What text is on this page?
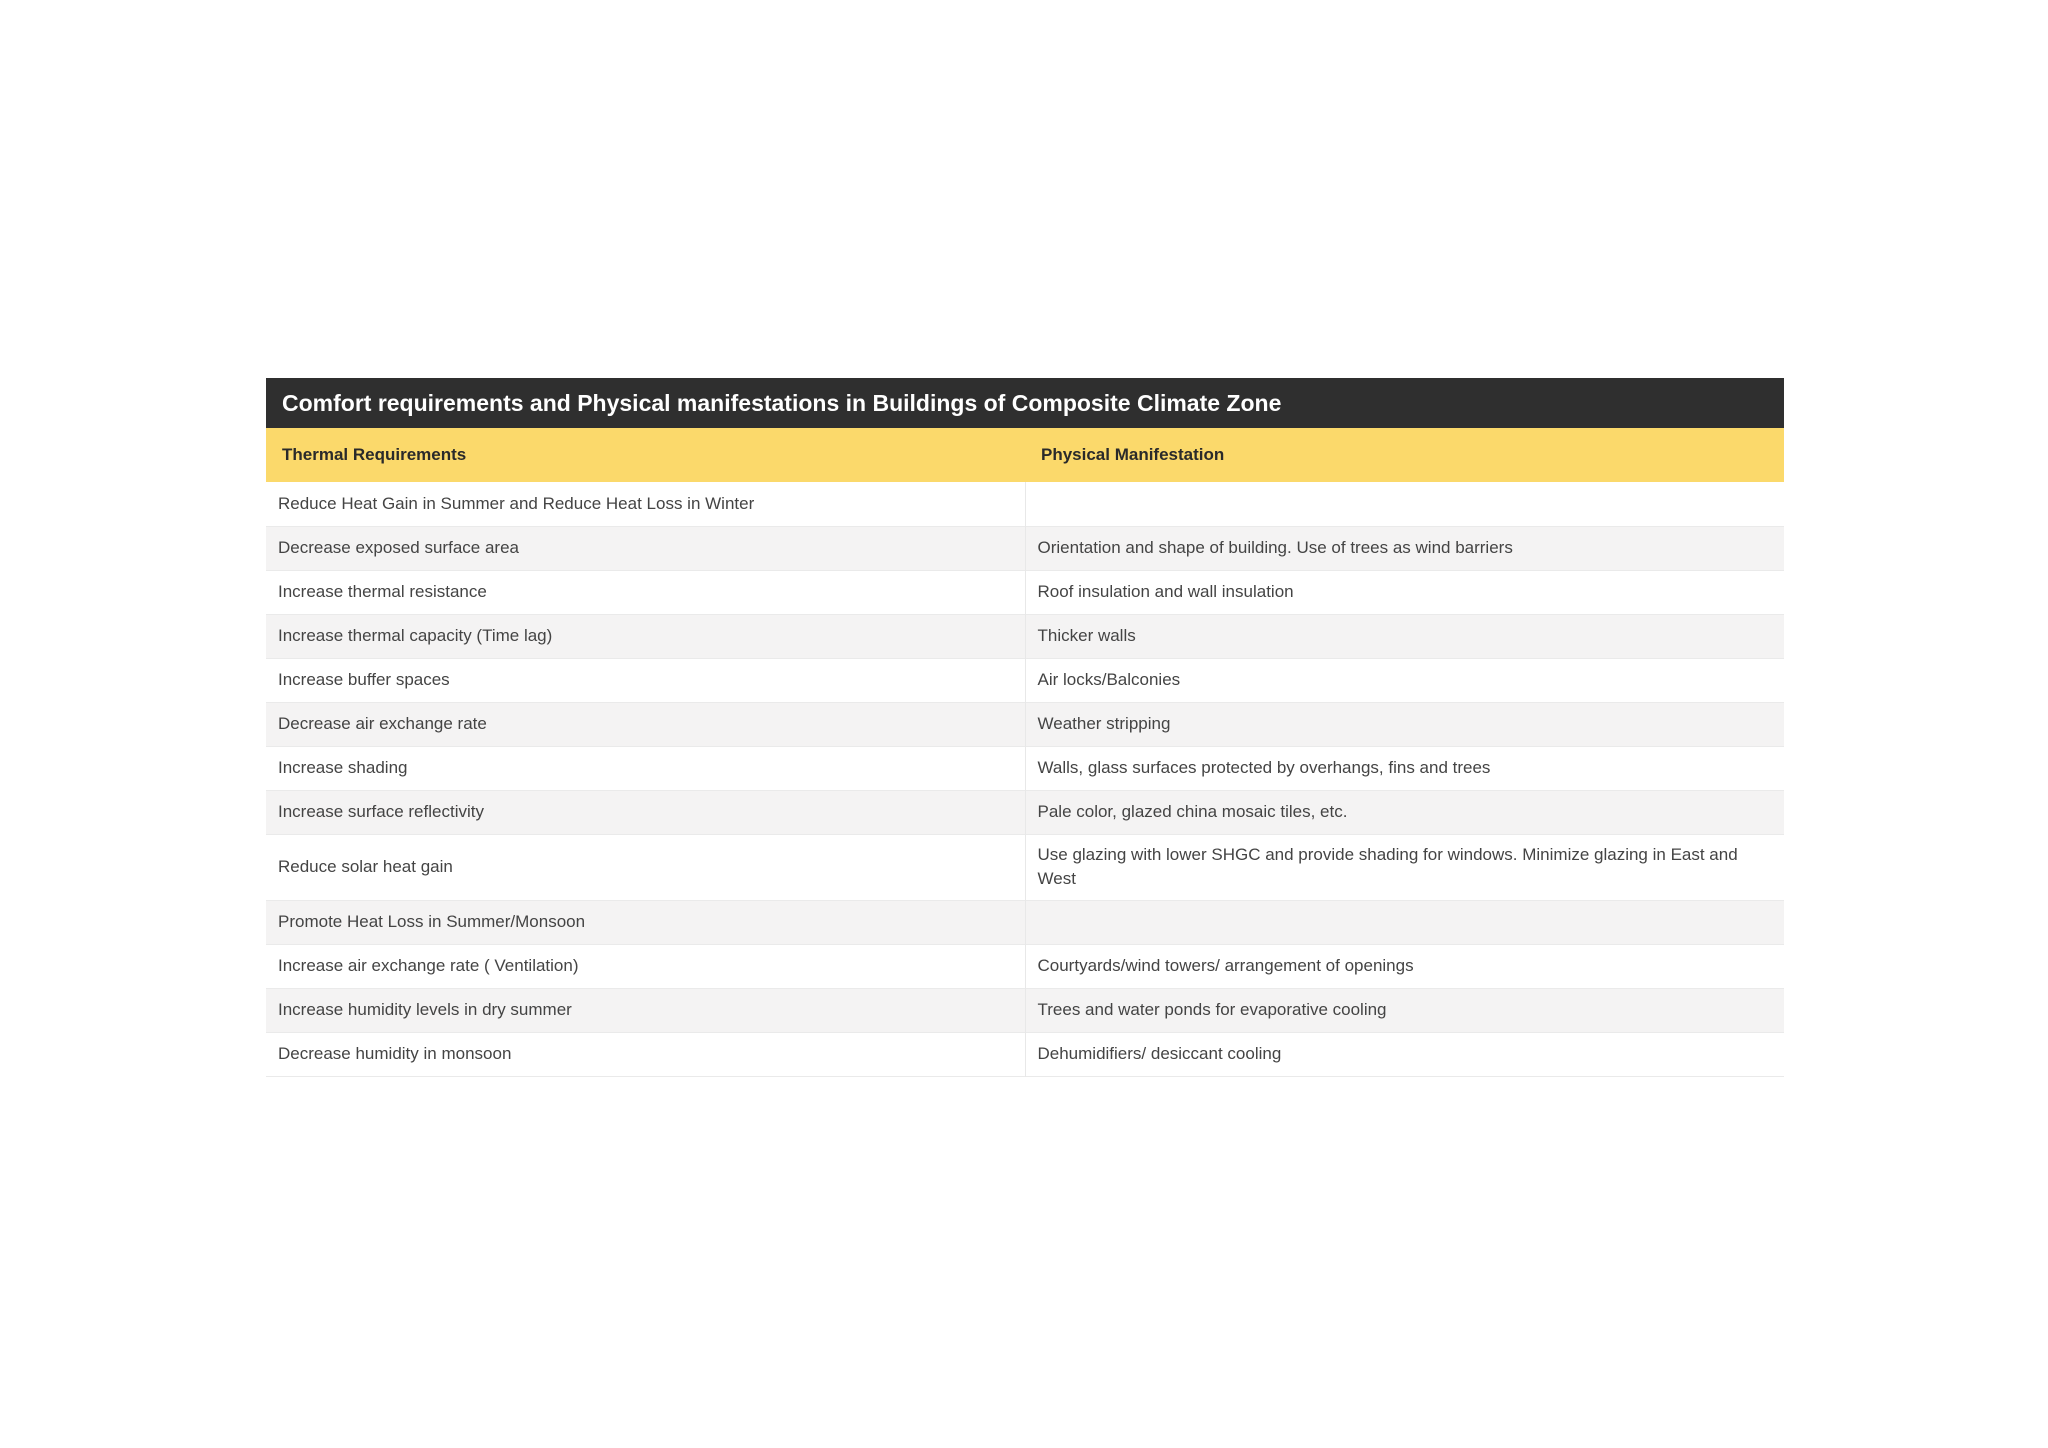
Comfort requirements and Physical manifestations in Buildings of Composite Climate Zone
Thermal Requirements	Physical Manifestation
Reduce Heat Gain in Summer and Reduce Heat Loss in Winter	
Decrease exposed surface area	Orientation and shape of building. Use of trees as wind barriers
Increase thermal resistance	Roof insulation and wall insulation
Increase thermal capacity (Time lag)	Thicker walls
Increase buffer spaces	Air locks/Balconies
Decrease air exchange rate	Weather stripping
Increase shading	Walls, glass surfaces protected by overhangs, fins and trees
Increase surface reflectivity	Pale color, glazed china mosaic tiles, etc.
Reduce solar heat gain	Use glazing with lower SHGC and provide shading for windows. Minimize glazing in East and West
Promote Heat Loss in Summer/Monsoon	
Increase air exchange rate ( Ventilation)	Courtyards/wind towers/ arrangement of openings
Increase humidity levels in dry summer	Trees and water ponds for evaporative cooling
Decrease humidity in monsoon	Dehumidifiers/ desiccant cooling
